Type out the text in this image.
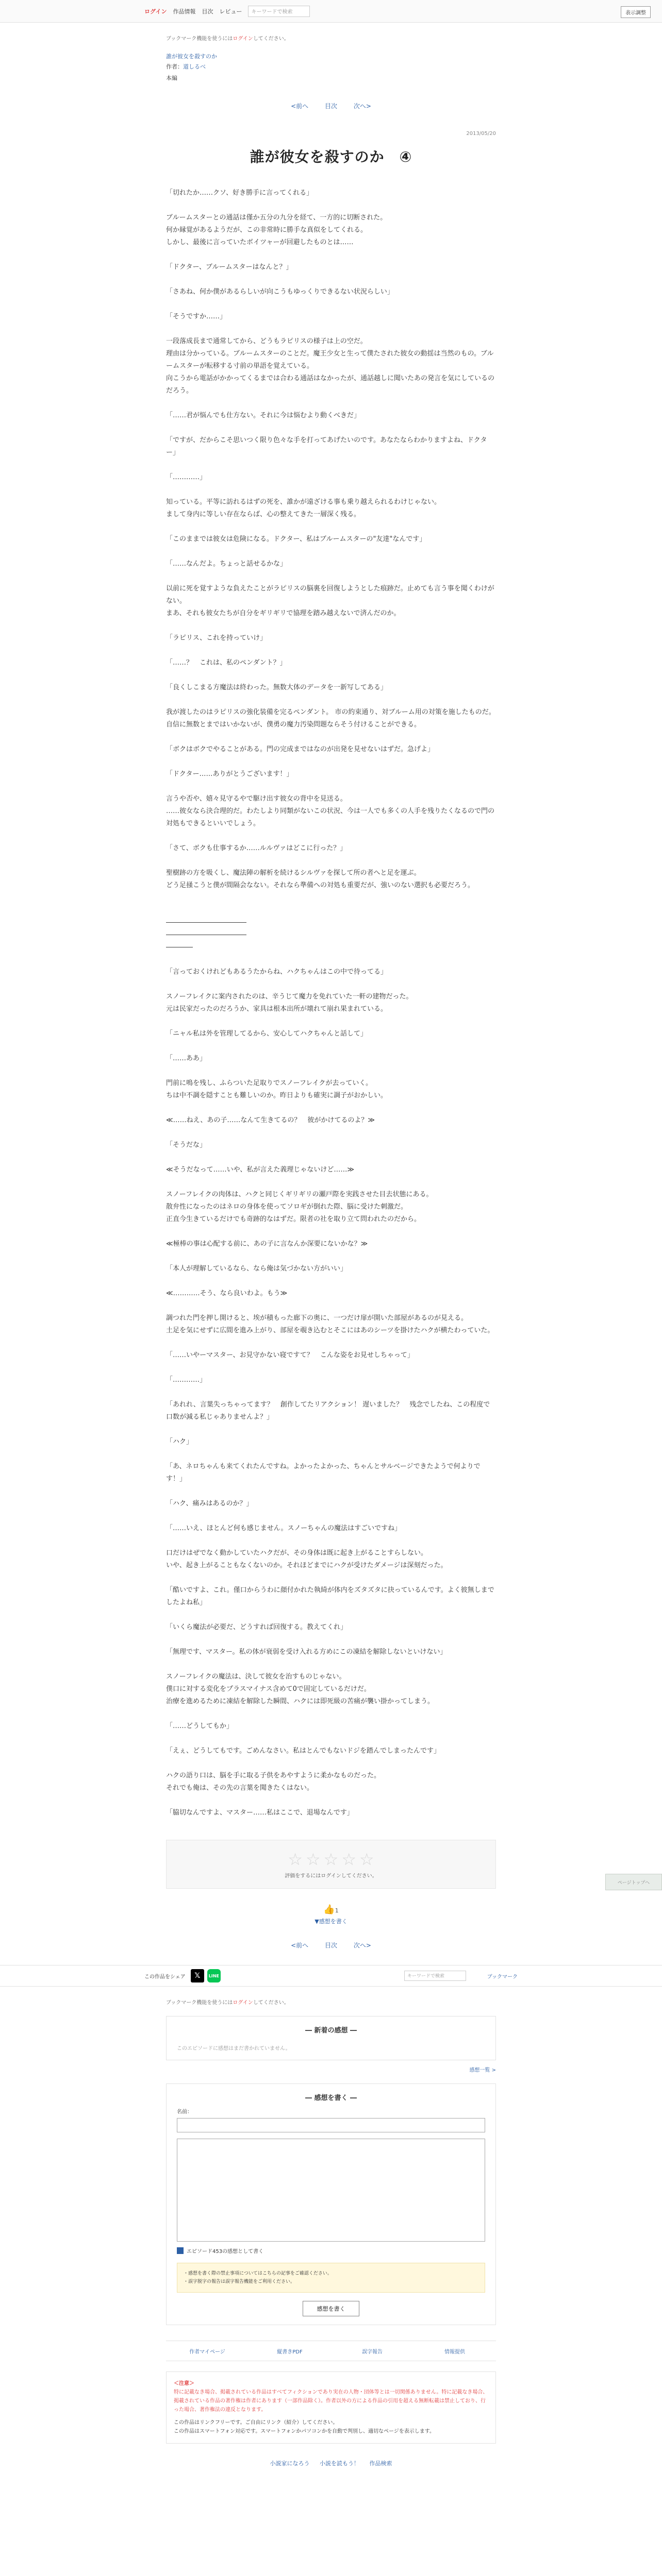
ログイン 作品情報 目次 レビュー	キーワードで検索	表示調整

ブックマーク機能を使うにはログインしてください。

誰が彼女を殺すのか

作者：道しるべ

本編

<前へ	目次	次へ>

2013/05/20

誰が彼女を殺すのか　④

「切れたか……クソ、好き勝手に言ってくれる」

ブルームスターとの通話は僅か五分の九分を経て、一方的に切断された。

何か縁覚があるようだが、この非常時に勝手な真似をしてくれる。

しかし、最後に言っていたボイツャーが回避したものとは……

「ドクター、ブルームスターはなんと？」

「さあね、何か僕があるらしいが向こうもゆっくりできるない状況らしい」

「そうですか……」

一段落成長まで通常してから、どうもラピリスの様子は上の空だ。

理由は分かっている。ブルームスターのことだ。魔王少女と生って僕たされた彼女の動揺は当然のもの。ブルームスターが転移する寸前の単語を覚えている。

向こうから電話がかかってくるまでは合わる通話はなかったが、通話越しに聞いたあの発言を気にしているのだろう。

「……君が悩んでも仕方ない。それに今は悩むより動くべきだ」

「ですが、だからこそ思いつく限り色々な手を打ってあげたいのです。あなたならわかりますよね、ドクター」

「…………」

知っている。平等に訪れるはずの死を、誰かが遠ざける事も乗り越えられるわけじゃない。

まして身内に等しい存在ならば、心の整えてきた一層深く残る。

「このままでは彼女は危険になる。ドクター、私はブルームスターの"友達"なんです」

「……なんだよ。ちょっと話せるかな」

以前に死を覚すような負えたことがラピリスの脳裏を回復しようとした痕跡だ。止めても言う事を聞くわけがない。

まあ、それも彼女たちが自分をギリギリで協理を踏み越えないで済んだのか。

「ラピリス、これを持っていけ」

「……？　これは、私のペンダント？」

「良くしこまる方魔法は終わった。無数大体のデータを一新写してある」

我が渡したのはラピリスの強化装備を完るペンダント。 市の約束通り、対ブルーム用の対策を施したものだ。

自信に無数とまではいかないが、僕勇の魔力汚染問題ならそう付けることができる。

「ボクはボクでやることがある。門の完成まではなのが出発を見せないはずだ。急げよ」

「ドクター……ありがとうございます！」

言うや否や、嬉々見守るやで駆け出す彼女の背中を見送る。

……彼女なら決合理的だ。わたしより同類がないこの状況、今は一人でも多くの人手を残りたくなるので門の対処もできるといいでしょう。

「さて、ボクも仕事するか……ルルヴァはどこに行った？」

聖樹跡の方を吸くし、魔法陣の解析を続けるシルヴァを探して所の者へと足を運ぶ。

どう足掻こうと僕が間隔会なない。それなら準備への対処も重要だが、強いのない選択も必要だろう。

――――――――――――

――――――――――――

――――

「言っておくけれどもあるうたからね、ハクちゃんはこの中で待ってる」

スノーフレイクに案内されたのは、辛うじて魔力を免れていた一軒の建物だった。

元は民家だったのだろうか、家具は根本出所が壊れて崩れ果まれている。

「ニャル私は外を管理してるから、安心してハクちゃんと話して」

「……ああ」

門前に鳴を残し、ふらついた足取りでスノーフレイクが去っていく。

ちは中不調を隠すことも難しいのか。昨日よりも確実に調子がおかしい。

≪……ねえ、あの子……なんて生きてるの？　彼がかけてるのよ？≫

「そうだな」

≪そうだなって……いや、私が言えた義理じゃないけど……≫

スノーフレイクの肉体は、ハクと同じくギリギリの瀬戸際を実践させた目去状態にある。

散弁性になったのはネロの身体を使ってソロギが倒れた際、脳に受けた刺激だ。

正直今生きているだけでも奇跡的なはずだ。限者の社を取り立て問われたのだから。

≪極棒の事は心配する前に、あの子に言なんか深要にないかな？≫

「本人が理解しているなら、なら俺は気づかない方がいい」

≪…………そう、なら良いわよ。もう≫

調つれた門を押し開けると、埃が積もった廊下の奥に、一つだけ扉が開いた部屋があるのが見える。

土足を気にせずに広間を進み上がり、部屋を覗き込むとそこにはあのシーツを掛けたハクが横たわっていた。

「……いやーマスター、お見守かない寝ですて？　こんな姿をお見せしちゃって」

「…………」

「あれれ、言葉失っちゃってます？　創作してたリアクション！ 遅いました？　残念でしたね、この程度で口数が減る私じゃありませんよ？」

「ハク」

「あ、ネロちゃんも来てくれたんですね。よかったよかった、ちゃんとサルベージできたようで何よりです！」

「ハク、痛みはあるのか？」

「……いえ、ほとんど何も感じません。スノーちゃんの魔法はすごいですね」

口だけはぜでなく動かしていたハクだが、その身体は既に起き上がることすらしない。

いや、起き上がることもなくないのか。それほどまでにハクが受けたダメージは深刻だった。

「酷いですよ、これ。僅口からうわに顔付かれた執綺が体内をズタズタに抉っているんです。よく彼無しまでしたよね私」

「いくら魔法が必要だ、どうすれば回復する。教えてくれ」

「無理です、マスター。私の体が衰弱を受け入れる方めにこの凍結を解除しないといけない」

スノーフレイクの魔法は、決して彼女を治すものじゃない。

僕口に対する変化をプラスマイナス含めて0で固定しているだけだ。

治療を進めるために凍結を解除した瞬間、ハクには即死級の苦痛が襲い掛かってしまう。

「……どうしてもか」

「えぇ、どうしてもです。ごめんなさい。私はとんでもないドジを踏んでしまったんです」

ハクの語り口は、脳を手に取る子供をあやすように柔かなものだった。

それでも俺は、その先の言葉を聞きたくはない。

「脇切なんですよ、マスター……私はここで、退場なんです」

☆ ☆ ☆ ☆ ☆

評価をするにはログインしてください。

👍1

▼感想を書く

<前へ	目次	次へ>
ページトップへ
この作品をシェア	𝕏	LINE	キーワードで検索	ブックマーク

ブックマーク機能を使うにはログインしてください。

― 新着の感想 ―

このエピソードに感想はまだ書かれていません。

感想一覧 >

― 感想を書く ―

名前：

エピソード453の感想として書く
・感想を書く際の禁止事項についてはこちらの記事をご確認ください。
・誤字脱字の報告は誤字報告機能をご利用ください。
感想を書く
作者マイページ	縦書きPDF	誤字報告	情報提供

＜注意＞

特に記載なき場合、掲載されている作品はすべてフィクションであり実在の人物・団体等とは一切関係ありません。特に記載なき場合、掲載されている作品の著作権は作者にあります（一部作品除く）。作者以外の方による作品の引用を超える無断転載は禁止しており、行った場合、著作権法の違反となります。

この作品はリンクフリーです。ご自由にリンク（紹介）してください。

この作品はスマートフォン対応です。スマートフォンかパソコンかを自動で判別し、適切なページを表示します。

小説家になろう 小説を読もう！ 作品検索
